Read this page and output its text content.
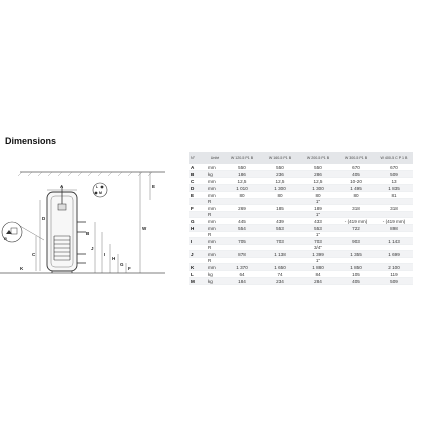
Dimensions
A
D
C
J
I
H
G
F
W
E
B
K
L
M
R
N°	Unité	W 120-5 P1 B	W 160-5 P1 B	W 200-5 P1 B	W 300-5 P1 B	W 400-5 C P 1 B
A	mm	550	550	550	670	670
B	kg	186	236	286	405	509
C	mm	12,5	12,5	12,5	10-20	13
D	mm	1 010	1 300	1 300	1 495	1 835
E	mm	80	80	80	80	81
	R			1"		
F	mm	269	185	189	318	318
	R			1"		
G	mm	445	439	433	- (419 mm)	- (419 mm)
H	mm	554	553	553	722	898
	R			1"		
I	mm	705	703	703	903	1 143
	R			3/4"		
J	mm	878	1 138	1 399	1 355	1 699
	R			1"		
K	mm	1 370	1 650	1 880	1 850	2 100
L	kg	64	74	84	105	119
M	kg	184	234	284	405	509
